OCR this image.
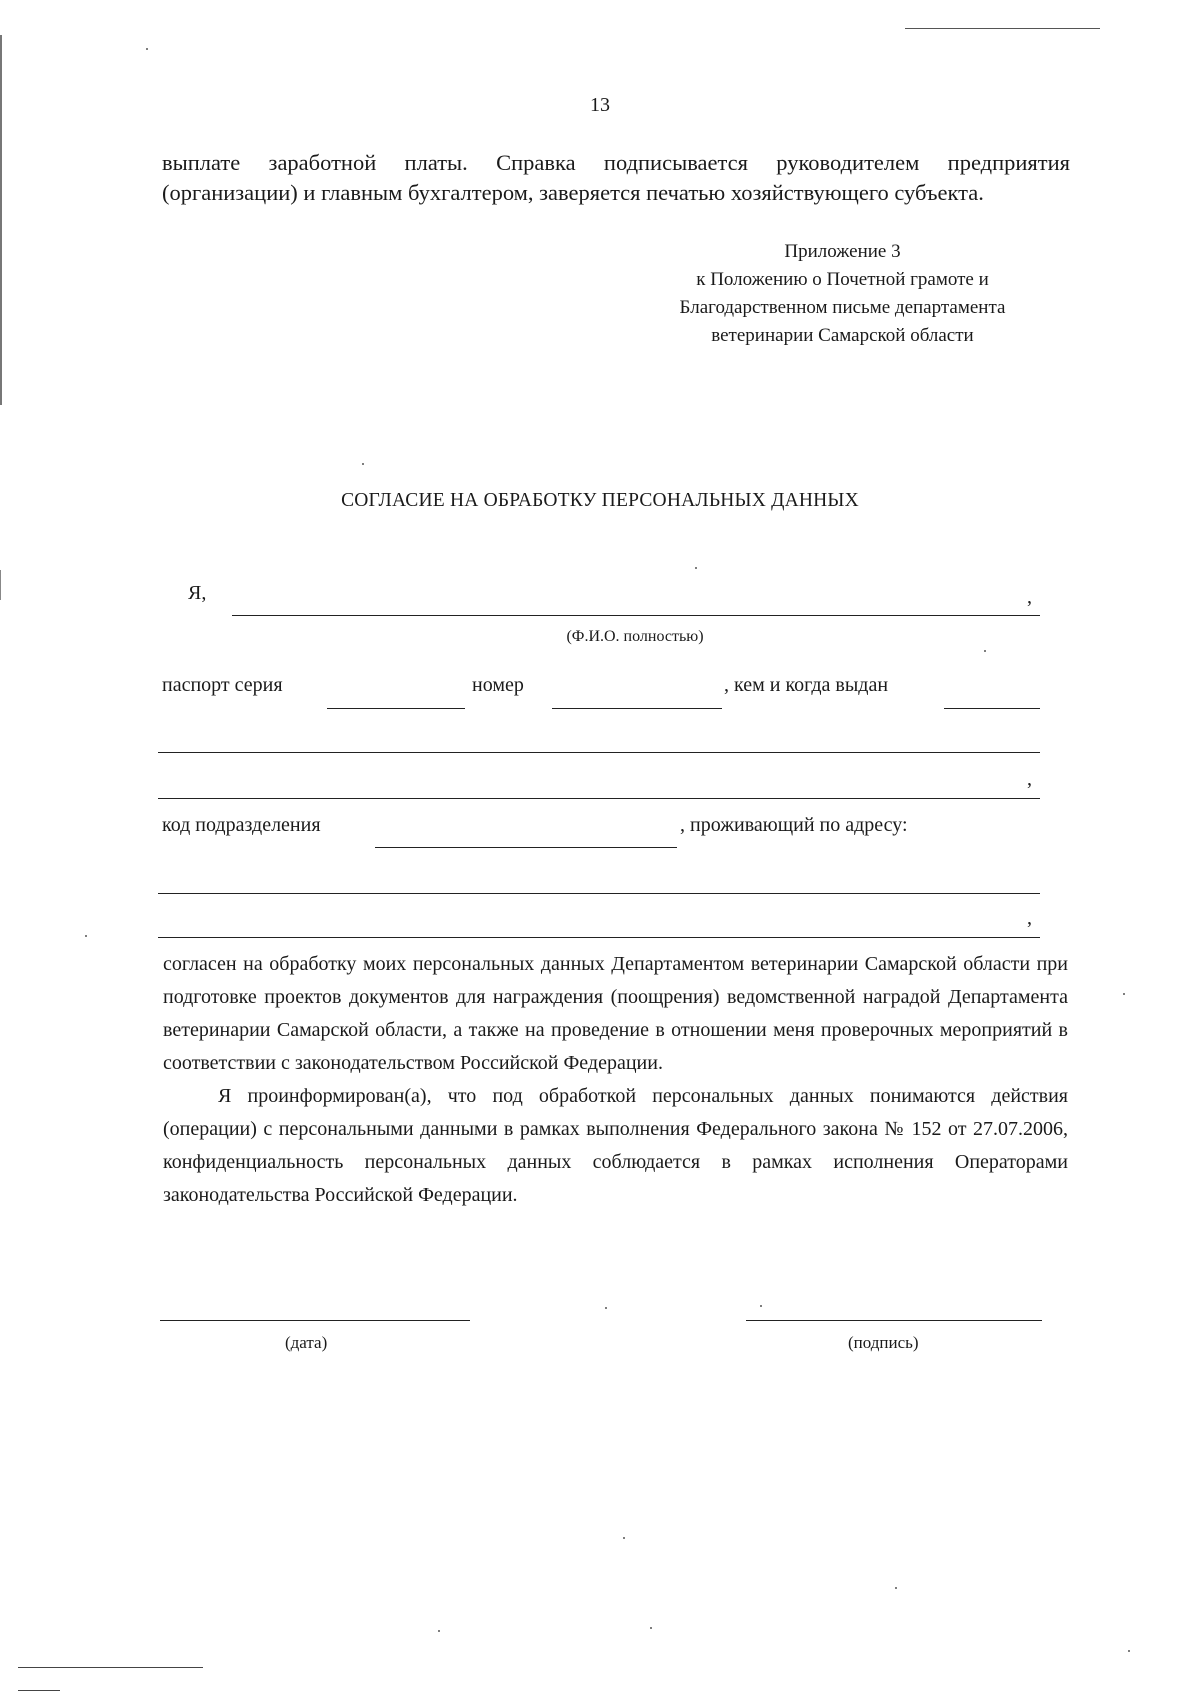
13
выплате заработной платы. Справка подписывается руководителем предприятия (организации) и главным бухгалтером, заверяется печатью хозяйствующего субъекта.
Приложение 3
к Положению о Почетной грамоте и
Благодарственном письме департамента
ветеринарии Самарской области
СОГЛАСИЕ НА ОБРАБОТКУ ПЕРСОНАЛЬНЫХ ДАННЫХ
Я,	,
(Ф.И.О. полностью)
паспорт серия	номер	, кем и когда выдан
,
код подразделения	, проживающий по адресу:
,

согласен на обработку моих персональных данных Департаментом ветеринарии Самарской области при подготовке проектов документов для награждения (поощрения) ведомственной наградой Департамента ветеринарии Самарской области, а также на проведение в отношении меня проверочных мероприятий в соответствии с законодательством Российской Федерации.

Я проинформирован(а), что под обработкой персональных данных понимаются действия (операции) с персональными данными в рамках выполнения Федерального закона № 152 от 27.07.2006, конфиденциальность персональных данных соблюдается в рамках исполнения Операторами законодательства Российской Федерации.

(дата)	(подпись)
